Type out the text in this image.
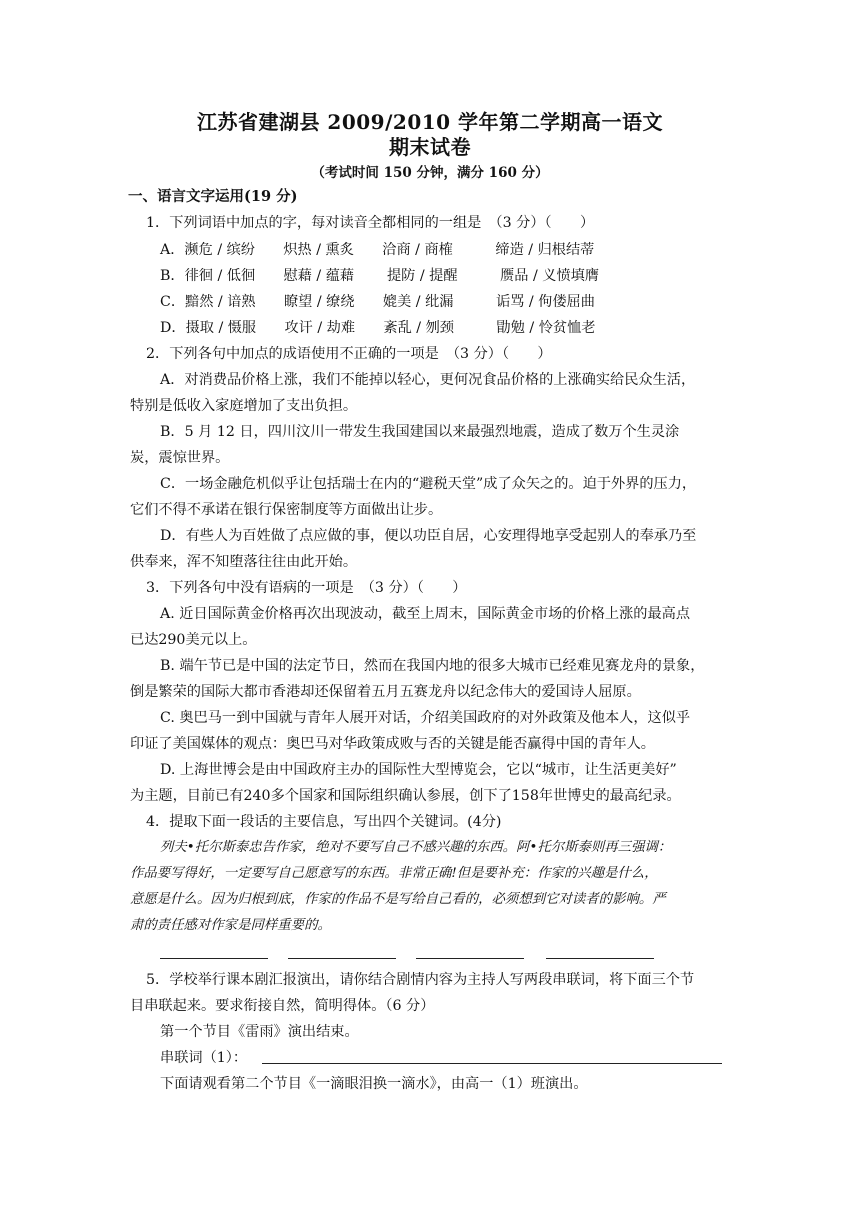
江苏省建湖县 2009/2010 学年第二学期高一语文
期末试卷
（考试时间 150 分钟，满分 160 分）
一、语言文字运用(19 分)
1．下列词语中加点的字，每对读音全都相同的一组是　（3 分）（　　）
A．濒危 / 缤纷　　炽热 / 熏炙　　洽商 / 商榷　　　缔造 / 归根结蒂
B．徘徊 / 低徊　　慰藉 / 蕴藉　　 提防 / 提醒　　　赝品 / 义愤填膺
C．黯然 / 谙熟　　瞭望 / 缭绕　　媲美 / 纰漏　　　诟骂 / 佝偻屈曲
D．摄取 / 慑服　　攻讦 / 劫难　　紊乱 / 刎颈　　　勖勉 / 怜贫恤老
2．下列各句中加点的成语使用不正确的一项是　（3 分）（　　）
A．对消费品价格上涨，我们不能掉以轻心，更何况食品价格的上涨确实给民众生活，
特别是低收入家庭增加了支出负担。
B．5 月 12 日，四川汶川一带发生我国建国以来最强烈地震，造成了数万个生灵涂
炭，震惊世界。
C．一场金融危机似乎让包括瑞士在内的“避税天堂”成了众矢之的。迫于外界的压力，
它们不得不承诺在银行保密制度等方面做出让步。
D．有些人为百姓做了点应做的事，便以功臣自居，心安理得地享受起别人的奉承乃至
供奉来，浑不知堕落往往由此开始。
3．下列各句中没有语病的一项是　（3 分）（　　）
A. 近日国际黄金价格再次出现波动，截至上周末，国际黄金市场的价格上涨的最高点
已达290美元以上。
B. 端午节已是中国的法定节日，然而在我国内地的很多大城市已经难见赛龙舟的景象，
倒是繁荣的国际大都市香港却还保留着五月五赛龙舟以纪念伟大的爱国诗人屈原。
C. 奥巴马一到中国就与青年人展开对话，介绍美国政府的对外政策及他本人，这似乎
印证了美国媒体的观点：奥巴马对华政策成败与否的关键是能否赢得中国的青年人。
D. 上海世博会是由中国政府主办的国际性大型博览会，它以“城市，让生活更美好”
为主题，目前已有240多个国家和国际组织确认参展，创下了158年世博史的最高纪录。
4．提取下面一段话的主要信息，写出四个关键词。(4分)
列夫•托尔斯泰忠告作家，绝对不要写自己不感兴趣的东西。阿•托尔斯泰则再三强调：
作品要写得好，一定要写自己愿意写的东西。非常正确!但是要补充：作家的兴趣是什么，
意愿是什么。因为归根到底，作家的作品不是写给自己看的，必须想到它对读者的影响。严
肃的责任感对作家是同样重要的。
5．学校举行课本剧汇报演出，请你结合剧情内容为主持人写两段串联词，将下面三个节
目串联起来。要求衔接自然，简明得体。（6 分）
第一个节目《雷雨》演出结束。
串联词（1）：
下面请观看第二个节目《一滴眼泪换一滴水》，由高一（1）班演出。
